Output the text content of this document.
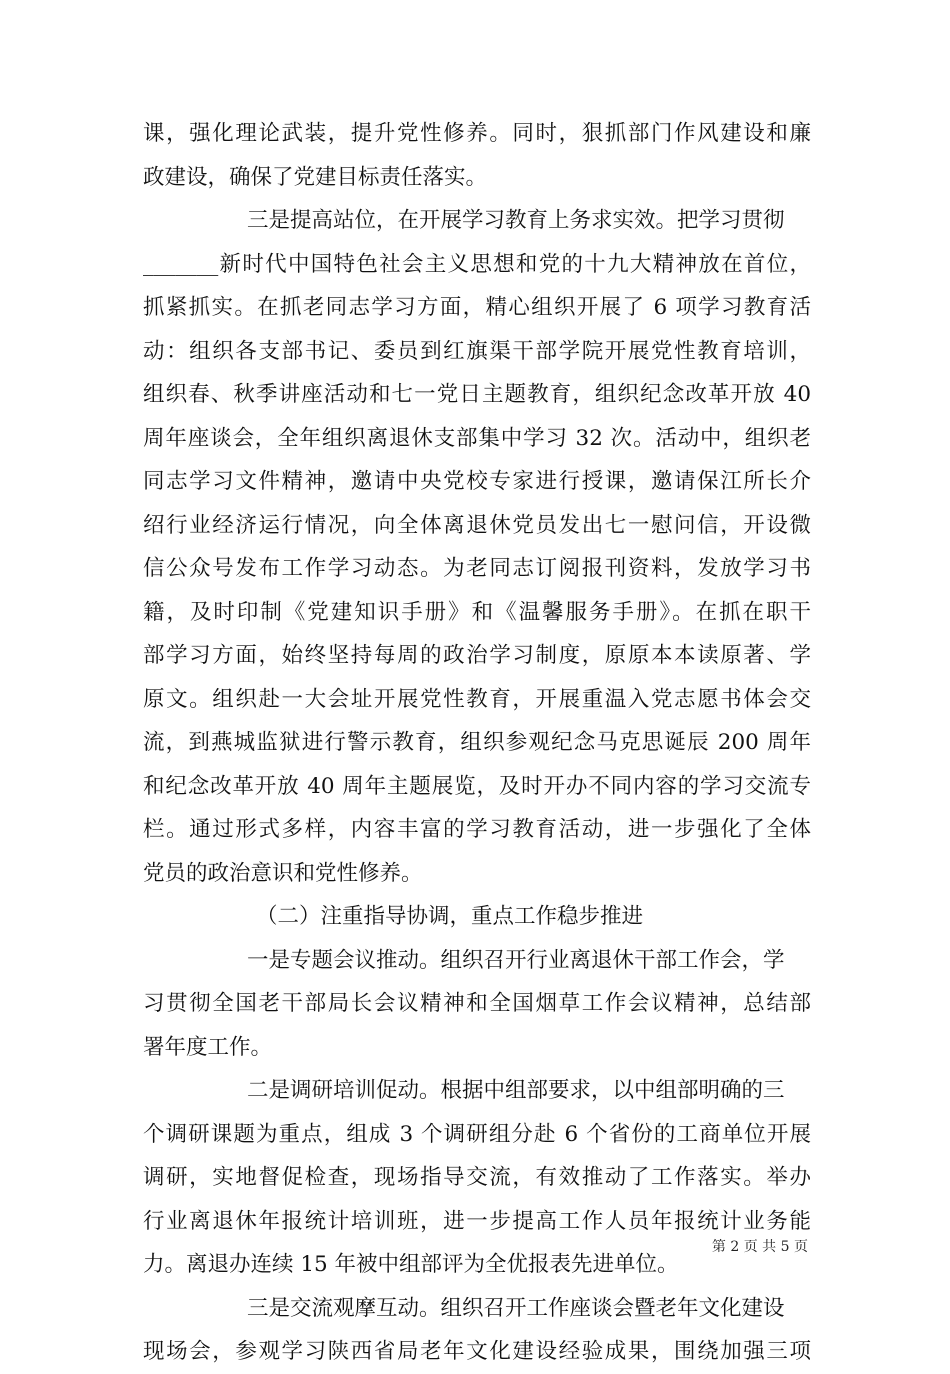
课，强化理论武装，提升党性修养。同时，狠抓部门作风建设和廉
政建设，确保了党建目标责任落实。
三是提高站位，在开展学习教育上务求实效。把学习贯彻
_______新时代中国特色社会主义思想和党的十九大精神放在首位，
抓紧抓实。在抓老同志学习方面，精心组织开展了 6 项学习教育活
动：组织各支部书记、委员到红旗渠干部学院开展党性教育培训，
组织春、秋季讲座活动和七一党日主题教育，组织纪念改革开放 40
周年座谈会，全年组织离退休支部集中学习 32 次。活动中，组织老
同志学习文件精神，邀请中央党校专家进行授课，邀请保江所长介
绍行业经济运行情况，向全体离退休党员发出七一慰问信，开设微
信公众号发布工作学习动态。为老同志订阅报刊资料，发放学习书
籍，及时印制《党建知识手册》和《温馨服务手册》。在抓在职干
部学习方面，始终坚持每周的政治学习制度，原原本本读原著、学
原文。组织赴一大会址开展党性教育，开展重温入党志愿书体会交
流，到燕城监狱进行警示教育，组织参观纪念马克思诞辰 200 周年
和纪念改革开放 40 周年主题展览，及时开办不同内容的学习交流专
栏。通过形式多样，内容丰富的学习教育活动，进一步强化了全体
党员的政治意识和党性修养。
（二）注重指导协调，重点工作稳步推进
一是专题会议推动。组织召开行业离退休干部工作会，学
习贯彻全国老干部局长会议精神和全国烟草工作会议精神，总结部
署年度工作。
二是调研培训促动。根据中组部要求，以中组部明确的三
个调研课题为重点，组成 3 个调研组分赴 6 个省份的工商单位开展
调研，实地督促检查，现场指导交流，有效推动了工作落实。举办
行业离退休年报统计培训班，进一步提高工作人员年报统计业务能
力。离退办连续 15 年被中组部评为全优报表先进单位。
三是交流观摩互动。组织召开工作座谈会暨老年文化建设
现场会，参观学习陕西省局老年文化建设经验成果，围绕加强三项
第 2 页 共 5 页
